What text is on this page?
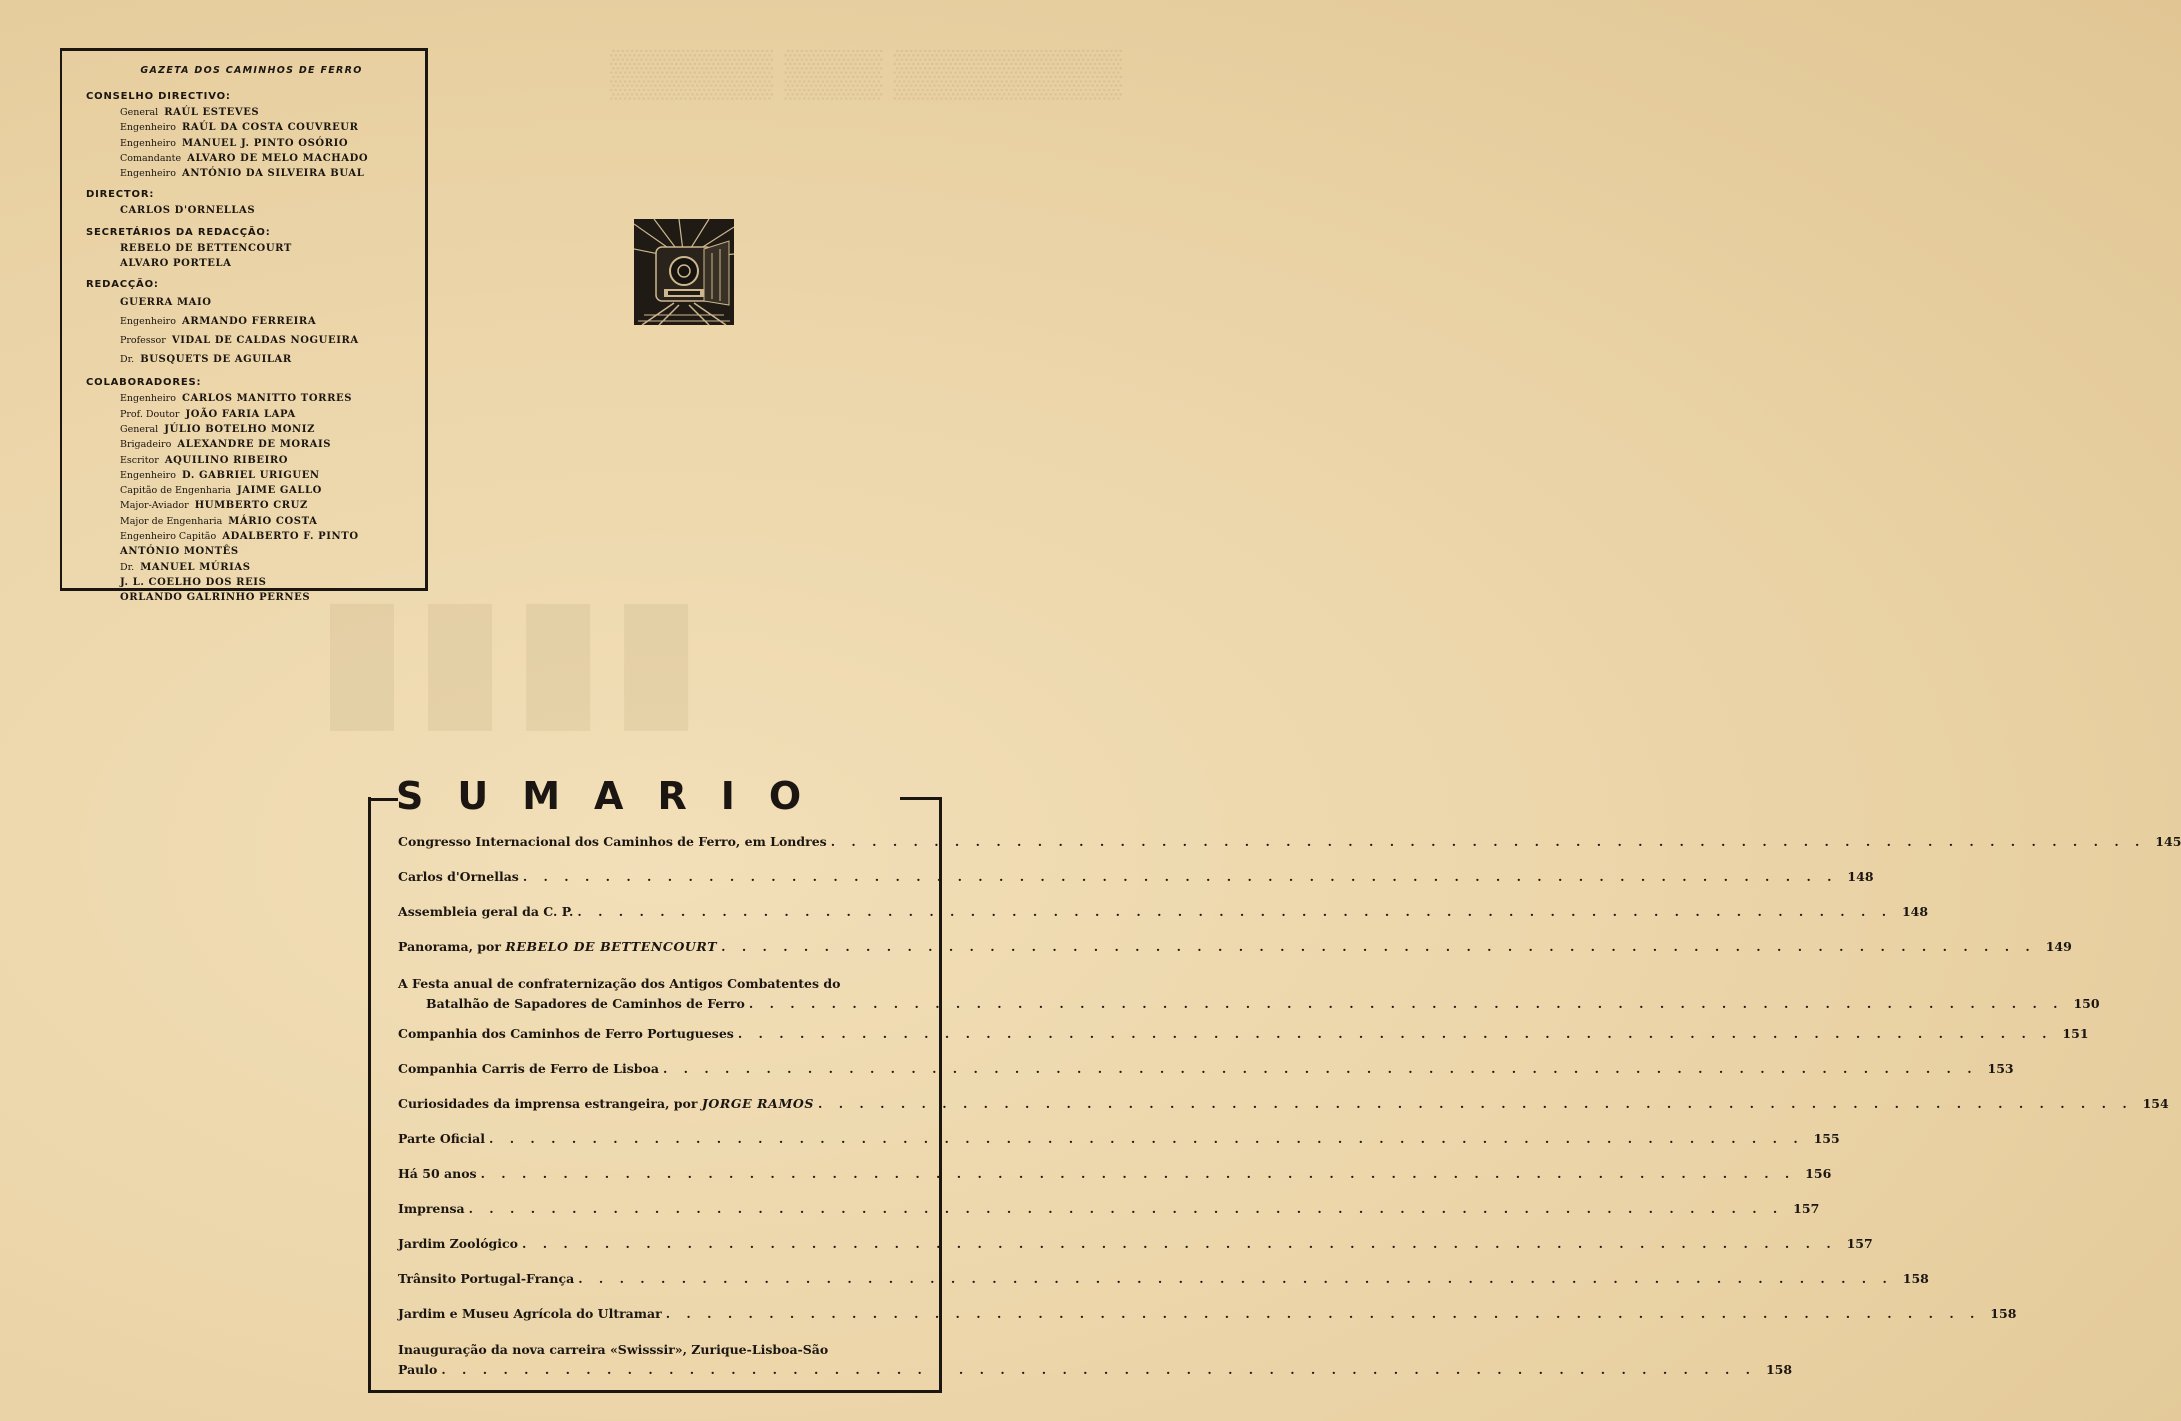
▒▒▒▒▒ ▒▒▒ ▒▒▒▒▒▒▒
▮▮▮▮
GAZETA DOS CAMINHOS DE FERRO
CONSELHO DIRECTIVO:
General  RAÚL ESTEVES
Engenheiro  RAÚL DA COSTA COUVREUR
Engenheiro  MANUEL J. PINTO OSÓRIO
Comandante  ALVARO DE MELO MACHADO
Engenheiro  ANTÓNIO DA SILVEIRA BUAL
DIRECTOR:
CARLOS D'ORNELLAS
SECRETÁRIOS DA REDACÇÃO:
REBELO DE BETTENCOURT
ALVARO PORTELA
REDACÇÃO:
GUERRA MAIO
Engenheiro  ARMANDO FERREIRA
Professor  VIDAL DE CALDAS NOGUEIRA
Dr.  BUSQUETS DE AGUILAR
COLABORADORES:
Engenheiro  CARLOS MANITTO TORRES
Prof. Doutor  JOÃO FARIA LAPA
General  JÚLIO BOTELHO MONIZ
Brigadeiro  ALEXANDRE DE MORAIS
Escritor  AQUILINO RIBEIRO
Engenheiro  D. GABRIEL URIGUEN
Capitão de Engenharia  JAIME GALLO
Major-Aviador  HUMBERTO CRUZ
Major de Engenharia  MÁRIO COSTA
Engenheiro Capitão  ADALBERTO F. PINTO
ANTÓNIO MONTÊS
Dr.  MANUEL MÚRIAS
J. L. COELHO DOS REIS
ORLANDO GALRINHO PERNES
SUMARIO
Congresso Internacional dos Caminhos de Ferro, em Londres . . .	145
Carlos d'Ornellas . . .	148
Assembleia geral da C. P. . . .	148
Panorama, por REBELO DE BETTENCOURT . . .	149
A Festa anual de confraternização dos Antigos Combatentes do
Batalhão de Sapadores de Caminhos de Ferro . . .	150
Companhia dos Caminhos de Ferro Portugueses . . .	151
Companhia Carris de Ferro de Lisboa . . .	153
Curiosidades da imprensa estrangeira, por JORGE RAMOS . . .	154
Parte Oficial . . .	155
Há 50 anos . . .	156
Imprensa . . .	157
Jardim Zoológico . . .	157
Trânsito Portugal-França . . .	158
Jardim e Museu Agrícola do Ultramar . . .	158
Inauguração da nova carreira «Swisssir», Zurique-Lisboa-São
Paulo . . .	158
